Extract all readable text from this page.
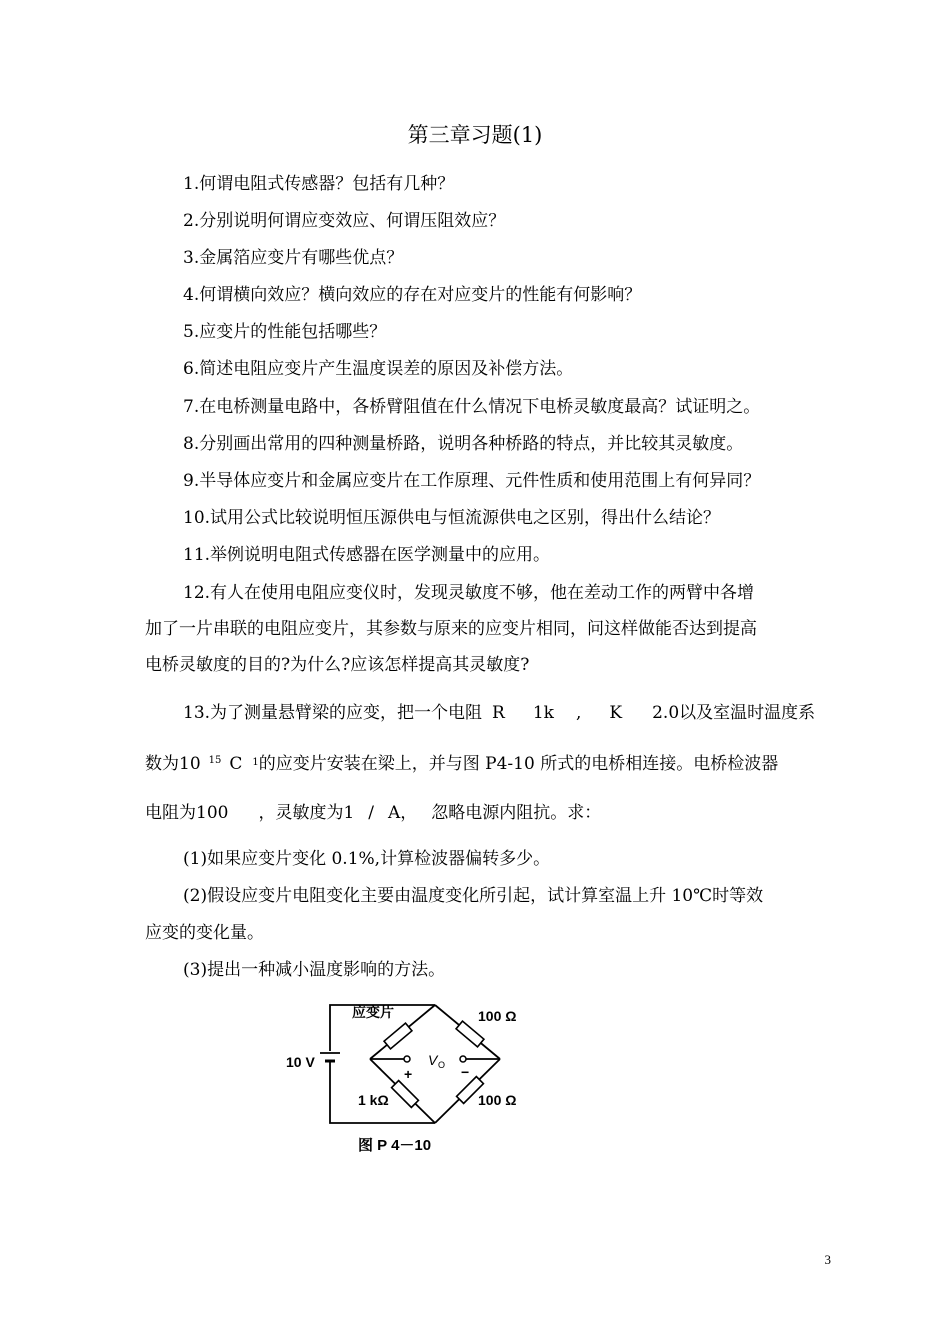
第三章习题(1)
1.何谓电阻式传感器？包括有几种？
2.分别说明何谓应变效应、何谓压阻效应？
3.金属箔应变片有哪些优点？
4.何谓横向效应？横向效应的存在对应变片的性能有何影响？
5.应变片的性能包括哪些？
6.简述电阻应变片产生温度误差的原因及补偿方法。
7.在电桥测量电路中，各桥臂阻值在什么情况下电桥灵敏度最高？试证明之。
8.分别画出常用的四种测量桥路，说明各种桥路的特点，并比较其灵敏度。
9.半导体应变片和金属应变片在工作原理、元件性质和使用范围上有何异同？
10.试用公式比较说明恒压源供电与恒流源供电之区别，得出什么结论？
11.举例说明电阻式传感器在医学测量中的应用。
12.有人在使用电阻应变仪时，发现灵敏度不够，他在差动工作的两臂中各增
加了一片串联的电阻应变片，其参数与原来的应变片相同，问这样做能否达到提高
电桥灵敏度的目的?为什么?应该怎样提高其灵敏度?
13.为了测量悬臂梁的应变，把一个电阻 R 1k , K 2.0以及室温时温度系
数为10 $^{15}$ C $^1$的应变片安装在梁上，并与图 P4-10 所式的电桥相连接。电桥检波器
电阻为100 ，灵敏度为1 / A， 忽略电源内阻抗。求：
(1)如果应变片变化 0.1%,计算检波器偏转多少。
(2)假设应变片电阻变化主要由温度变化所引起，试计算室温上升 10℃时等效
应变的变化量。
(3)提出一种减小温度影响的方法。
应变片	100 Ω
10 V	V O
+	−
1 kΩ	100 Ω
图 P 4－10
3
